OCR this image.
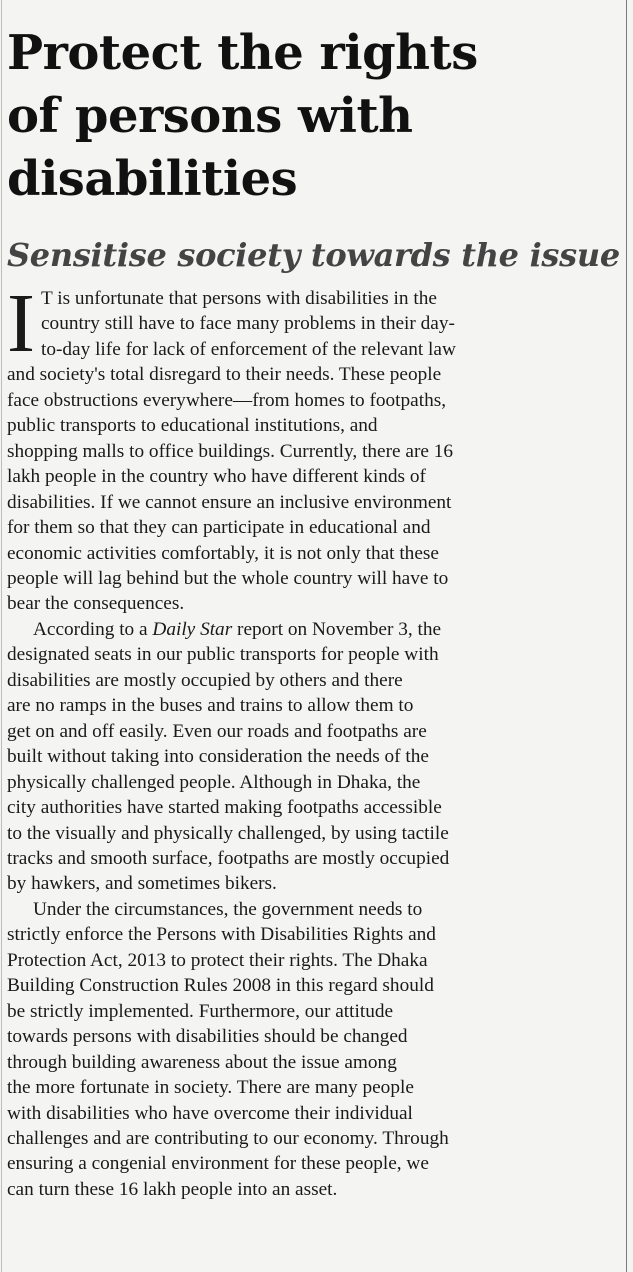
Protect the rights
of persons with
disabilities
Sensitise society towards the issue

I T is unfortunate that persons with disabilities in the
country still have to face many problems in their day-
to-day life for lack of enforcement of the relevant law
and society's total disregard to their needs. These people
face obstructions everywhere—from homes to footpaths,
public transports to educational institutions, and
shopping malls to office buildings. Currently, there are 16
lakh people in the country who have different kinds of
disabilities. If we cannot ensure an inclusive environment
for them so that they can participate in educational and
economic activities comfortably, it is not only that these
people will lag behind but the whole country will have to
bear the consequences.

According to a Daily Star report on November 3, the
designated seats in our public transports for people with
disabilities are mostly occupied by others and there
are no ramps in the buses and trains to allow them to
get on and off easily. Even our roads and footpaths are
built without taking into consideration the needs of the
physically challenged people. Although in Dhaka, the
city authorities have started making footpaths accessible
to the visually and physically challenged, by using tactile
tracks and smooth surface, footpaths are mostly occupied
by hawkers, and sometimes bikers.

Under the circumstances, the government needs to
strictly enforce the Persons with Disabilities Rights and
Protection Act, 2013 to protect their rights. The Dhaka
Building Construction Rules 2008 in this regard should
be strictly implemented. Furthermore, our attitude
towards persons with disabilities should be changed
through building awareness about the issue among
the more fortunate in society. There are many people
with disabilities who have overcome their individual
challenges and are contributing to our economy. Through
ensuring a congenial environment for these people, we
can turn these 16 lakh people into an asset.
